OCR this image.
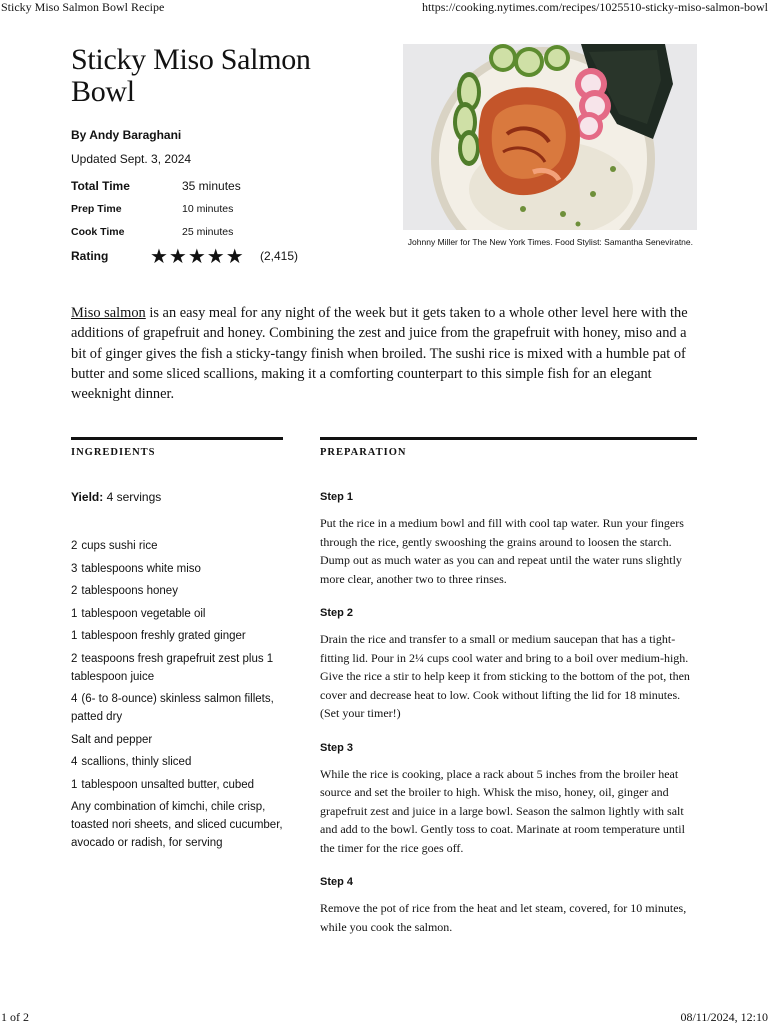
Sticky Miso Salmon Bowl Recipe	https://cooking.nytimes.com/recipes/1025510-sticky-miso-salmon-bowl
Sticky Miso Salmon Bowl
By Andy Baraghani
Updated Sept. 3, 2024
Total Time	35 minutes
Prep Time	10 minutes
Cook Time	25 minutes
Rating ★★★★★ (2,415)
Johnny Miller for The New York Times. Food Stylist: Samantha Seneviratne.

Miso salmon is an easy meal for any night of the week but it gets taken to a whole other level here with the additions of grapefruit and honey. Combining the zest and juice from the grapefruit with honey, miso and a bit of ginger gives the fish a sticky-tangy finish when broiled. The sushi rice is mixed with a humble pat of butter and some sliced scallions, making it a comforting counterpart to this simple fish for an elegant weeknight dinner.

INGREDIENTS	PREPARATION
Yield: 4 servings
2 cups sushi rice
3 tablespoons white miso
2 tablespoons honey
1 tablespoon vegetable oil
1 tablespoon freshly grated ginger
2 teaspoons fresh grapefruit zest plus 1 tablespoon juice
4 (6- to 8-ounce) skinless salmon fillets, patted dry
Salt and pepper
4 scallions, thinly sliced
1 tablespoon unsalted butter, cubed
Any combination of kimchi, chile crisp, toasted nori sheets, and sliced cucumber, avocado or radish, for serving
Step 1

Put the rice in a medium bowl and fill with cool tap water. Run your fingers through the rice, gently swooshing the grains around to loosen the starch. Dump out as much water as you can and repeat until the water runs slightly more clear, another two to three rinses.

Step 2

Drain the rice and transfer to a small or medium saucepan that has a tight-fitting lid. Pour in 2¼ cups cool water and bring to a boil over medium-high. Give the rice a stir to help keep it from sticking to the bottom of the pot, then cover and decrease heat to low. Cook without lifting the lid for 18 minutes. (Set your timer!)

Step 3

While the rice is cooking, place a rack about 5 inches from the broiler heat source and set the broiler to high. Whisk the miso, honey, oil, ginger and grapefruit zest and juice in a large bowl. Season the salmon lightly with salt and add to the bowl. Gently toss to coat. Marinate at room temperature until the timer for the rice goes off.

Step 4

Remove the pot of rice from the heat and let steam, covered, for 10 minutes, while you cook the salmon.

1 of 2	08/11/2024, 12:10
